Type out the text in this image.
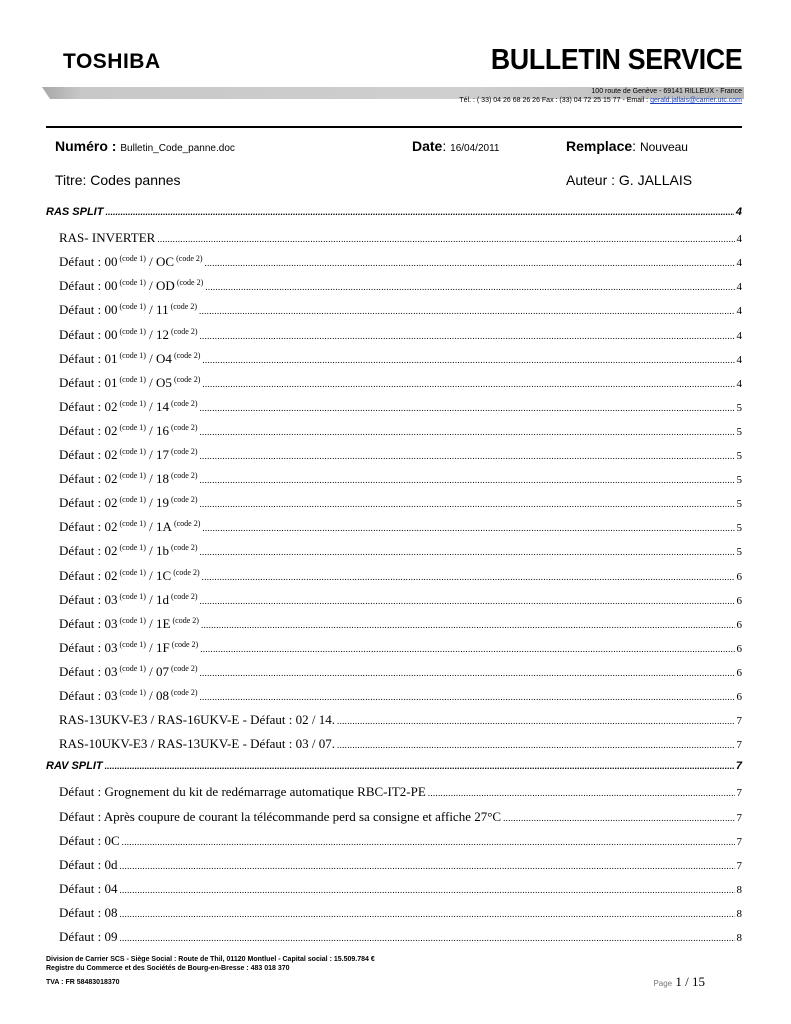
TOSHIBA	BULLETIN SERVICE
100 route de Genève - 69141 RILLEUX - France
Tél. : ( 33) 04 26 68 26 26 Fax : (33) 04 72 25 15 77 - Email : gerald.jallais@carrier.utc.com
Numéro : Bulletin_Code_panne.doc	Date: 16/04/2011	Remplace: Nouveau
Titre: Codes pannes	Auteur : G. JALLAIS
RAS SPLIT .....	4
RAS- INVERTER .....	4
Défaut : 00 $^{(code 1)}$ / OC $^{(code 2)}$ .....	4
Défaut : 00 $^{(code 1)}$ / OD $^{(code 2)}$ .....	4
Défaut : 00 $^{(code 1)}$ / 11 $^{(code 2)}$ .....	4
Défaut : 00 $^{(code 1)}$ / 12 $^{(code 2)}$ .....	4
Défaut : 01 $^{(code 1)}$ / O4 $^{(code 2)}$ .....	4
Défaut : 01 $^{(code 1)}$ / O5 $^{(code 2)}$ .....	4
Défaut : 02 $^{(code 1)}$ / 14 $^{(code 2)}$ .....	5
Défaut : 02 $^{(code 1)}$ / 16 $^{(code 2)}$ .....	5
Défaut : 02 $^{(code 1)}$ / 17 $^{(code 2)}$ .....	5
Défaut : 02 $^{(code 1)}$ / 18 $^{(code 2)}$ .....	5
Défaut : 02 $^{(code 1)}$ / 19 $^{(code 2)}$ .....	5
Défaut : 02 $^{(code 1)}$ / 1A $^{(code 2)}$ .....	5
Défaut : 02 $^{(code 1)}$ / 1b $^{(code 2)}$ .....	5
Défaut : 02 $^{(code 1)}$ / 1C $^{(code 2)}$ .....	6
Défaut : 03 $^{(code 1)}$ / 1d $^{(code 2)}$ .....	6
Défaut : 03 $^{(code 1)}$ / 1E $^{(code 2)}$ .....	6
Défaut : 03 $^{(code 1)}$ / 1F $^{(code 2)}$ .....	6
Défaut : 03 $^{(code 1)}$ / 07 $^{(code 2)}$ .....	6
Défaut : 03 $^{(code 1)}$ / 08 $^{(code 2)}$ .....	6
RAS-13UKV-E3 / RAS-16UKV-E - Défaut : 02 / 14. .....	7
RAS-10UKV-E3 / RAS-13UKV-E - Défaut : 03 / 07. .....	7
RAV SPLIT .....	7
Défaut : Grognement du kit de redémarrage automatique RBC-IT2-PE .....	7
Défaut : Après coupure de courant la télécommande perd sa consigne et affiche 27°C .....	7
Défaut : 0C .....	7
Défaut : 0d .....	7
Défaut : 04 .....	8
Défaut : 08 .....	8
Défaut : 09 .....	8
Division de Carrier SCS - Siège Social : Route de Thil, 01120 Montluel - Capital social : 15.509.784 €
Registre du Commerce et des Sociétés de Bourg-en-Bresse : 483 018 370
TVA : FR 58483018370	Page 1 / 15
